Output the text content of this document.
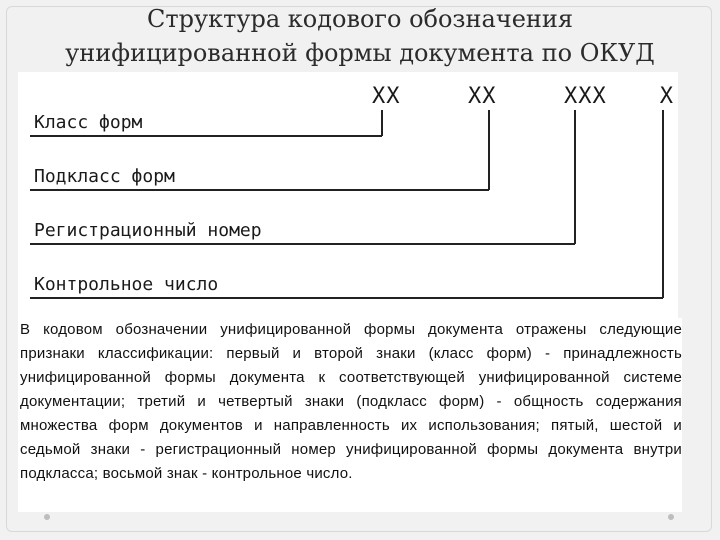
Структура кодового обозначения
унифицированной формы документа по ОКУД
XX	XX	XXX X
Класс форм
Подкласс форм
Регистрационный номер
Контрольное число

В кодовом обозначении унифицированной формы документа отражены следующие признаки классификации: первый и второй знаки (класс форм) - принадлежность унифицированной формы документа к соответствующей унифицированной системе документации; третий и четвертый знаки (подкласс форм) - общность содержания множества форм документов и направленность их использования; пятый, шестой и седьмой знаки - регистрационный номер унифицированной формы документа внутри подкласса; восьмой знак - контрольное число.
